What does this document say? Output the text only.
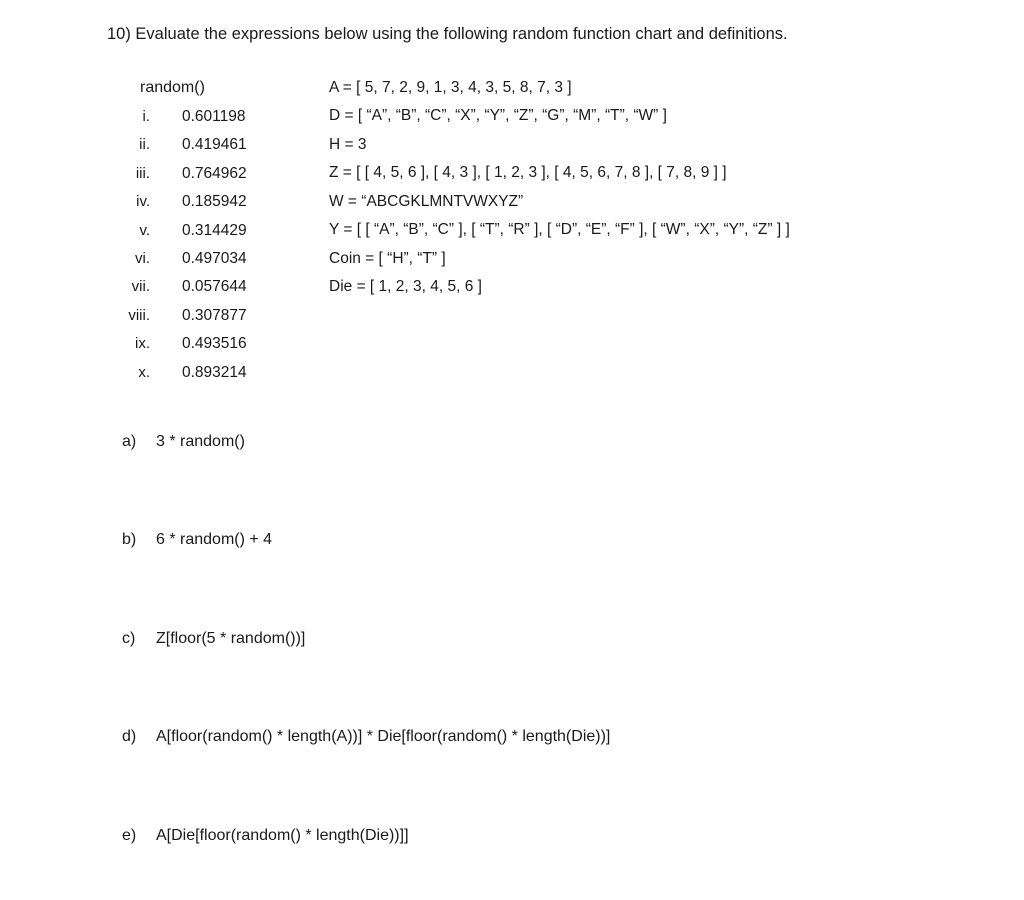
10) Evaluate the expressions below using the following random function chart and definitions.
random()
i. 0.601198
ii. 0.419461
iii. 0.764962
iv. 0.185942
v. 0.314429
vi. 0.497034
vii. 0.057644
viii. 0.307877
ix. 0.493516
x. 0.893214
A = [ 5, 7, 2, 9, 1, 3, 4, 3, 5, 8, 7, 3 ]
D = [ “A”, “B”, “C”, “X”, “Y”, “Z”, “G”, “M”, “T”, “W” ]
H = 3
Z = [ [ 4, 5, 6 ], [ 4, 3 ], [ 1, 2, 3 ], [ 4, 5, 6, 7, 8 ], [ 7, 8, 9 ] ]
W = “ABCGKLMNTVWXYZ”
Y = [ [ “A”, “B”, “C” ], [ “T”, “R” ], [ “D”, “E”, “F” ], [ “W”, “X”, “Y”, “Z” ] ]
Coin = [ “H”, “T” ]
Die = [ 1, 2, 3, 4, 5, 6 ]
a) 3 * random()
b) 6 * random() + 4
c) Z[floor(5 * random())]
d) A[floor(random() * length(A))] * Die[floor(random() * length(Die))]
e) A[Die[floor(random() * length(Die))]]
